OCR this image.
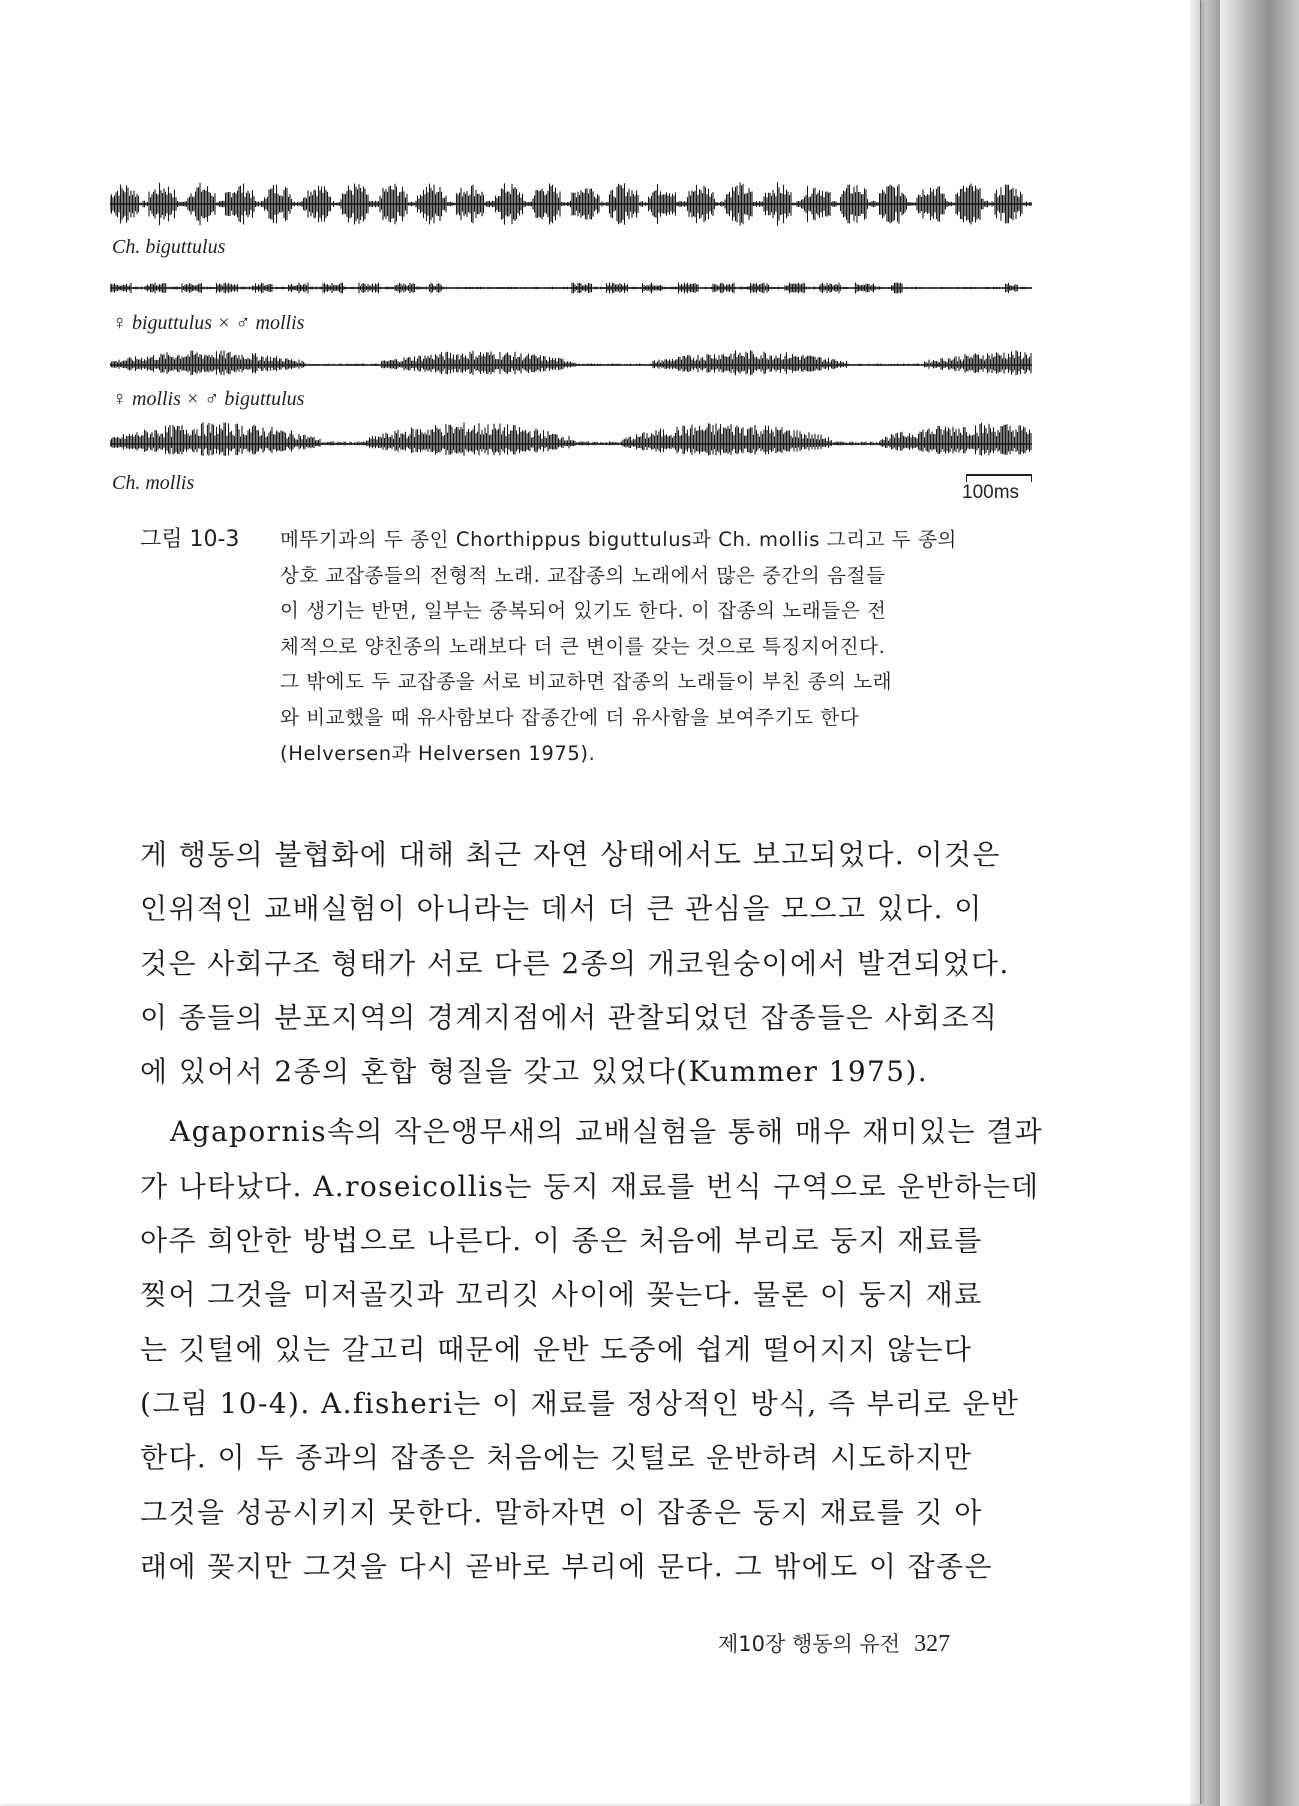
Ch. biguttulus
♀ biguttulus × ♂ mollis
♀ mollis × ♂ biguttulus
Ch. mollis	100ms
그림 10-3 메뚜기과의 두 종인 Chorthippus biguttulus과 Ch. mollis 그리고 두 종의
상호 교잡종들의 전형적 노래. 교잡종의 노래에서 많은 중간의 음절들
이 생기는 반면, 일부는 중복되어 있기도 한다. 이 잡종의 노래들은 전
체적으로 양친종의 노래보다 더 큰 변이를 갖는 것으로 특징지어진다.
그 밖에도 두 교잡종을 서로 비교하면 잡종의 노래들이 부친 종의 노래
와 비교했을 때 유사함보다 잡종간에 더 유사함을 보여주기도 한다
(Helversen과 Helversen 1975).
게 행동의 불협화에 대해 최근 자연 상태에서도 보고되었다. 이것은
인위적인 교배실험이 아니라는 데서 더 큰 관심을 모으고 있다. 이
것은 사회구조 형태가 서로 다른 2종의 개코원숭이에서 발견되었다.
이 종들의 분포지역의 경계지점에서 관찰되었던 잡종들은 사회조직
에 있어서 2종의 혼합 형질을 갖고 있었다(Kummer 1975).
Agapornis속의 작은앵무새의 교배실험을 통해 매우 재미있는 결과
가 나타났다. A.roseicollis는 둥지 재료를 번식 구역으로 운반하는데
아주 희안한 방법으로 나른다. 이 종은 처음에 부리로 둥지 재료를
찢어 그것을 미저골깃과 꼬리깃 사이에 꽂는다. 물론 이 둥지 재료
는 깃털에 있는 갈고리 때문에 운반 도중에 쉽게 떨어지지 않는다
(그림 10-4). A.fisheri는 이 재료를 정상적인 방식, 즉 부리로 운반
한다. 이 두 종과의 잡종은 처음에는 깃털로 운반하려 시도하지만
그것을 성공시키지 못한다. 말하자면 이 잡종은 둥지 재료를 깃 아
래에 꽂지만 그것을 다시 곧바로 부리에 문다. 그 밖에도 이 잡종은
제10장 행동의 유전 327
